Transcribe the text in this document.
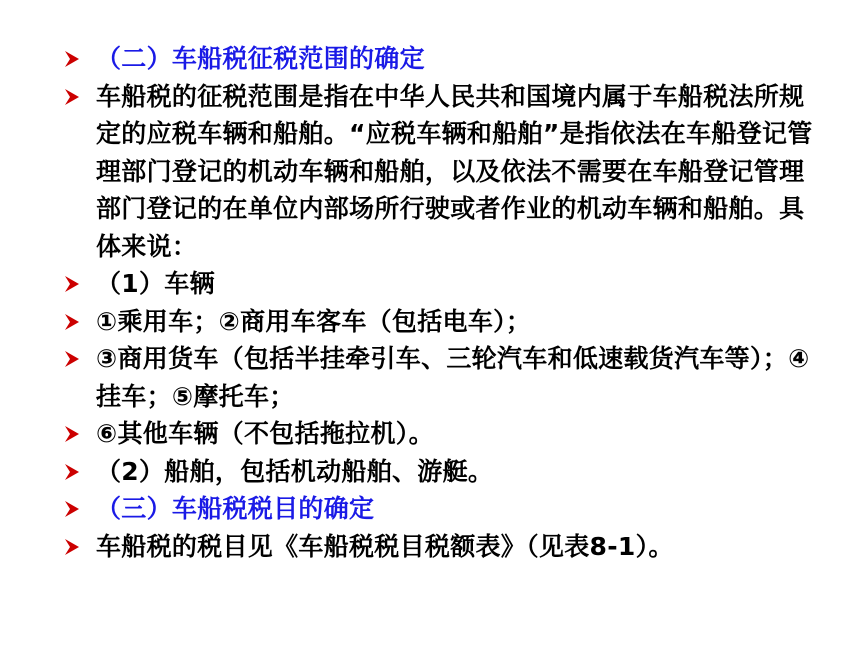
（二）车船税征税范围的确定
车船税的征税范围是指在中华人民共和国境内属于车船税法所规定的应税车辆和船舶。“应税车辆和船舶”是指依法在车船登记管理部门登记的机动车辆和船舶，以及依法不需要在车船登记管理部门登记的在单位内部场所行驶或者作业的机动车辆和船舶。具体来说：
（1）车辆
①乘用车；②商用车客车（包括电车）；
③商用货车（包括半挂牵引车、三轮汽车和低速载货汽车等）；④挂车；⑤摩托车；
⑥其他车辆（不包括拖拉机）。
（2）船舶，包括机动船舶、游艇。
（三）车船税税目的确定
车船税的税目见《车船税税目税额表》（见表8-1）。
